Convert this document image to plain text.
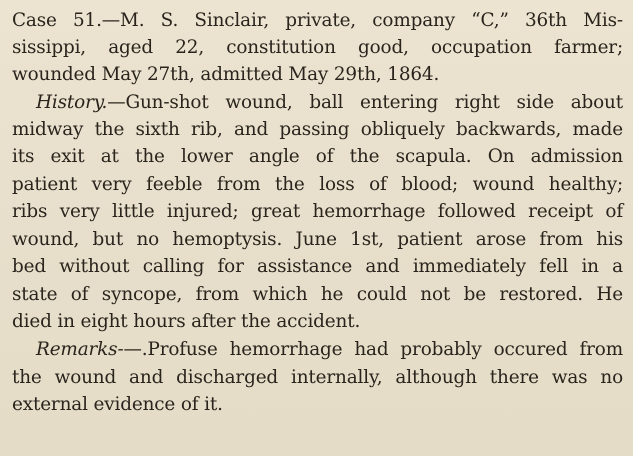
Case 51.—M. S. Sinclair, private, company “C,” 36th Mis-
sissippi, aged 22, constitution good, occupation farmer;
wounded May 27th, admitted May 29th, 1864.
History.—Gun-shot wound, ball entering right side about
midway the sixth rib, and passing obliquely backwards, made
its exit at the lower angle of the scapula. On admission
patient very feeble from the loss of blood; wound healthy;
ribs very little injured; great hemorrhage followed receipt of
wound, but no hemoptysis. June 1st, patient arose from his
bed without calling for assistance and immediately fell in a
state of syncope, from which he could not be restored. He
died in eight hours after the accident.
Remarks-—.Profuse hemorrhage had probably occured from
the wound and discharged internally, although there was no
external evidence of it.
